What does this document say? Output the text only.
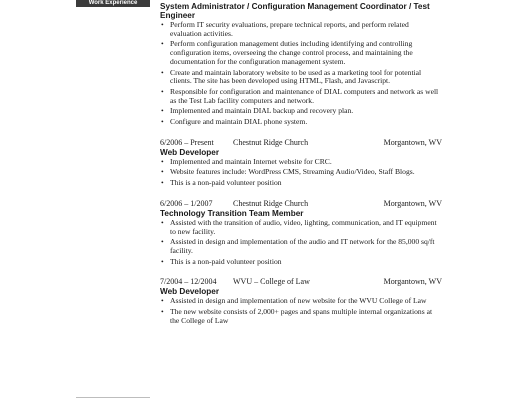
Work Experience	System Administrator / Configuration Management Coordinator / Test Engineer
• Perform IT security evaluations, prepare technical reports, and perform related evaluation activities.
• Perform configuration management duties including identifying and controlling configuration items, overseeing the change control process, and maintaining the documentation for the configuration management system.
• Create and maintain laboratory website to be used as a marketing tool for potential clients. The site has been developed using HTML, Flash, and Javascript.
• Responsible for configuration and maintenance of DIAL computers and network as well as the Test Lab facility computers and network.
• Implemented and maintain DIAL backup and recovery plan.
• Configure and maintain DIAL phone system.
6/2006 – Present Chestnut Ridge Church	Morgantown, WV
Web Developer
• Implemented and maintain Internet website for CRC.
• Website features include: WordPress CMS, Streaming Audio/Video, Staff Blogs.
• This is a non-paid volunteer position
6/2006 – 1/2007	Chestnut Ridge Church	Morgantown, WV
Technology Transition Team Member
• Assisted with the transition of audio, video, lighting, communication, and IT equipment to new facility.
• Assisted in design and implementation of the audio and IT network for the 85,000 sq/ft facility.
• This is a non-paid volunteer position
7/2004 – 12/2004 WVU – College of Law	Morgantown, WV
Web Developer
• Assisted in design and implementation of new website for the WVU College of Law
• The new website consists of 2,000+ pages and spans multiple internal organizations at the College of Law
